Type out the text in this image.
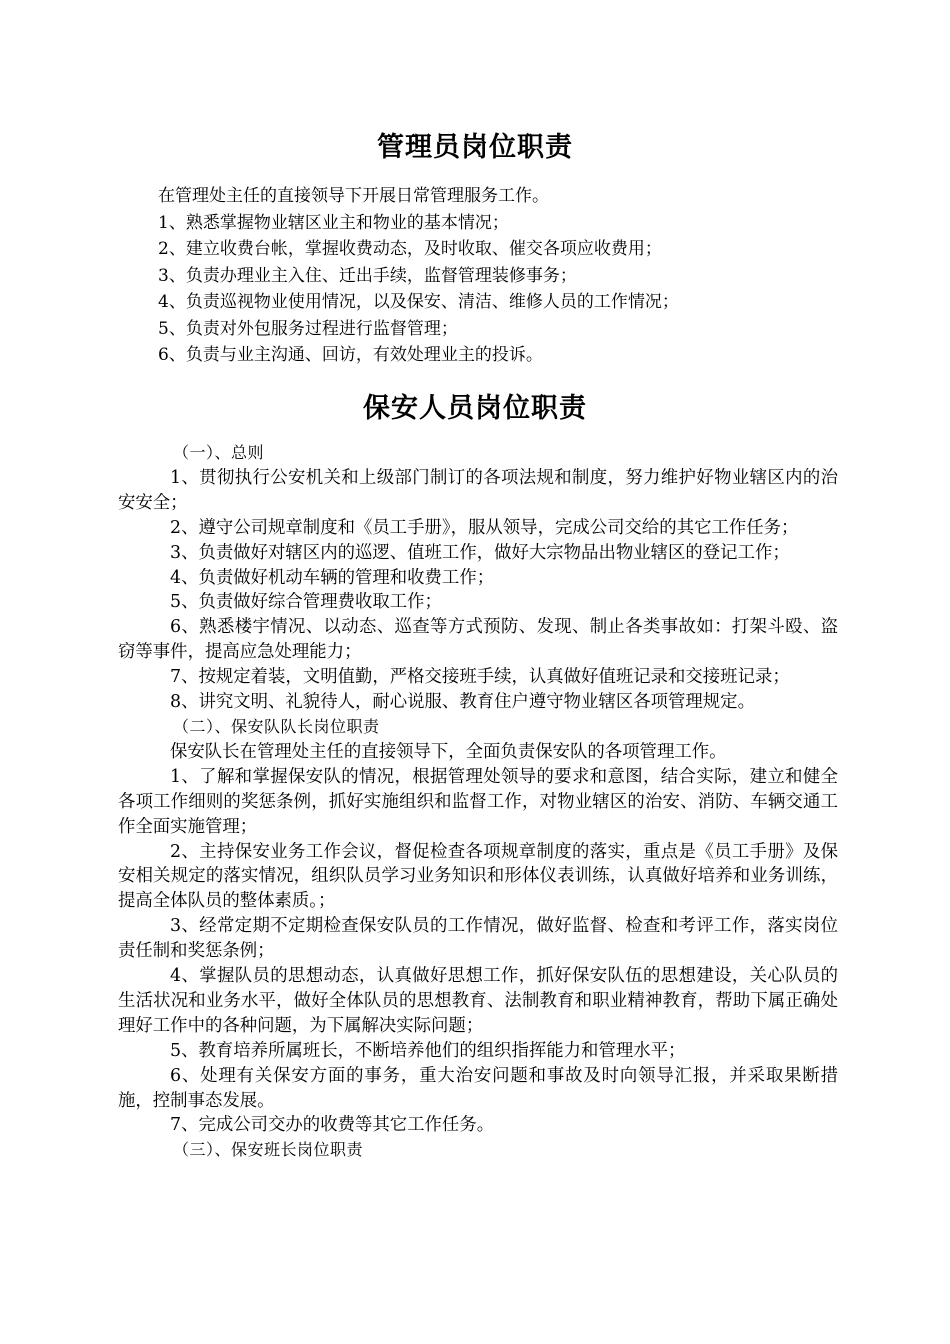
管理员岗位职责

在管理处主任的直接领导下开展日常管理服务工作。

1、熟悉掌握物业辖区业主和物业的基本情况；

2、建立收费台帐，掌握收费动态，及时收取、催交各项应收费用；

3、负责办理业主入住、迁出手续，监督管理装修事务；

4、负责巡视物业使用情况，以及保安、清洁、维修人员的工作情况；

5、负责对外包服务过程进行监督管理；

6、负责与业主沟通、回访，有效处理业主的投诉。

保安人员岗位职责

（一）、总则

1、贯彻执行公安机关和上级部门制订的各项法规和制度，努力维护好物业辖区内的治安安全；

2、遵守公司规章制度和《员工手册》，服从领导，完成公司交给的其它工作任务；

3、负责做好对辖区内的巡逻、值班工作，做好大宗物品出物业辖区的登记工作；

4、负责做好机动车辆的管理和收费工作；

5、负责做好综合管理费收取工作；

6、熟悉楼宇情况、以动态、巡查等方式预防、发现、制止各类事故如：打架斗殴、盗窃等事件，提高应急处理能力；

7、按规定着装，文明值勤，严格交接班手续，认真做好值班记录和交接班记录；

8、讲究文明、礼貌待人，耐心说服、教育住户遵守物业辖区各项管理规定。

（二）、保安队队长岗位职责

保安队长在管理处主任的直接领导下，全面负责保安队的各项管理工作。

1、了解和掌握保安队的情况，根据管理处领导的要求和意图，结合实际，建立和健全各项工作细则的奖惩条例，抓好实施组织和监督工作，对物业辖区的治安、消防、车辆交通工作全面实施管理；

2、主持保安业务工作会议，督促检查各项规章制度的落实，重点是《员工手册》及保安相关规定的落实情况，组织队员学习业务知识和形体仪表训练，认真做好培养和业务训练，提高全体队员的整体素质。；

3、经常定期不定期检查保安队员的工作情况，做好监督、检查和考评工作，落实岗位责任制和奖惩条例；

4、掌握队员的思想动态，认真做好思想工作，抓好保安队伍的思想建设，关心队员的生活状况和业务水平，做好全体队员的思想教育、法制教育和职业精神教育，帮助下属正确处理好工作中的各种问题，为下属解决实际问题；

5、教育培养所属班长，不断培养他们的组织指挥能力和管理水平；

6、处理有关保安方面的事务，重大治安问题和事故及时向领导汇报，并采取果断措施，控制事态发展。

7、完成公司交办的收费等其它工作任务。

（三）、保安班长岗位职责
